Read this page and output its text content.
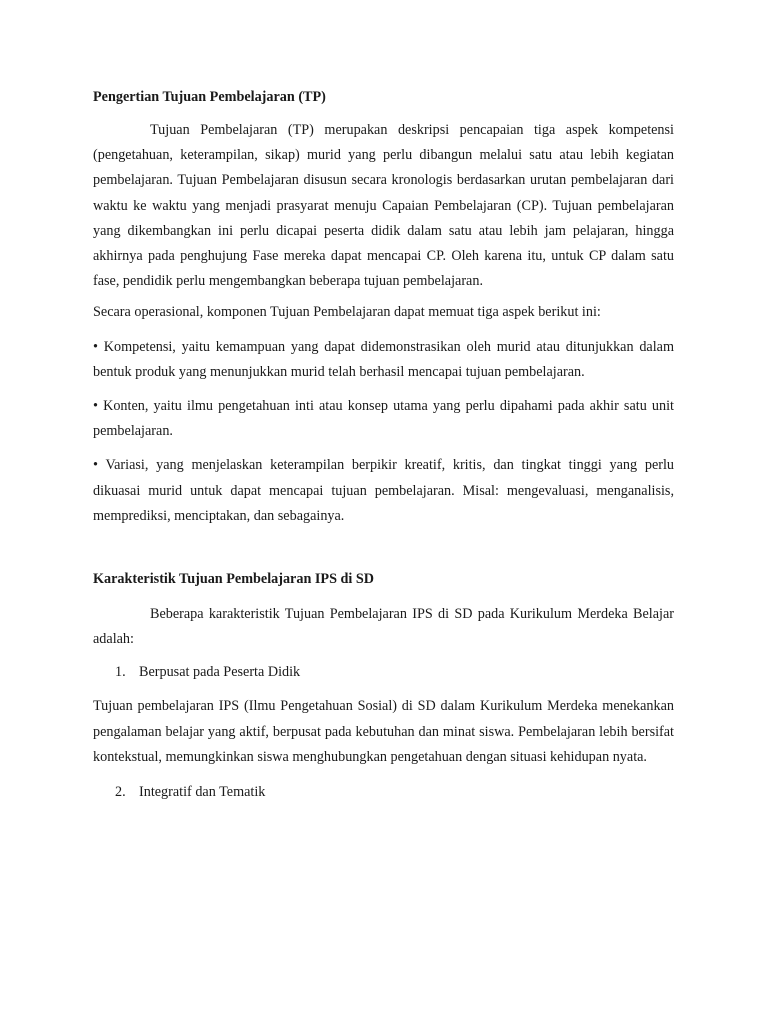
Pengertian Tujuan Pembelajaran (TP)

Tujuan Pembelajaran (TP) merupakan deskripsi pencapaian tiga aspek kompetensi (pengetahuan, keterampilan, sikap) murid yang perlu dibangun melalui satu atau lebih kegiatan pembelajaran. Tujuan Pembelajaran disusun secara kronologis berdasarkan urutan pembelajaran dari waktu ke waktu yang menjadi prasyarat menuju Capaian Pembelajaran (CP). Tujuan pembelajaran yang dikembangkan ini perlu dicapai peserta didik dalam satu atau lebih jam pelajaran, hingga akhirnya pada penghujung Fase mereka dapat mencapai CP. Oleh karena itu, untuk CP dalam satu fase, pendidik perlu mengembangkan beberapa tujuan pembelajaran.

Secara operasional, komponen Tujuan Pembelajaran dapat memuat tiga aspek berikut ini:

• Kompetensi, yaitu kemampuan yang dapat didemonstrasikan oleh murid atau ditunjukkan dalam bentuk produk yang menunjukkan murid telah berhasil mencapai tujuan pembelajaran.

• Konten, yaitu ilmu pengetahuan inti atau konsep utama yang perlu dipahami pada akhir satu unit pembelajaran.

• Variasi, yang menjelaskan keterampilan berpikir kreatif, kritis, dan tingkat tinggi yang perlu dikuasai murid untuk dapat mencapai tujuan pembelajaran. Misal: mengevaluasi, menganalisis, memprediksi, menciptakan, dan sebagainya.

Karakteristik Tujuan Pembelajaran IPS di SD

Beberapa karakteristik Tujuan Pembelajaran IPS di SD pada Kurikulum Merdeka Belajar adalah:

1. Berpusat pada Peserta Didik

Tujuan pembelajaran IPS (Ilmu Pengetahuan Sosial) di SD dalam Kurikulum Merdeka menekankan pengalaman belajar yang aktif, berpusat pada kebutuhan dan minat siswa. Pembelajaran lebih bersifat kontekstual, memungkinkan siswa menghubungkan pengetahuan dengan situasi kehidupan nyata.

2. Integratif dan Tematik
